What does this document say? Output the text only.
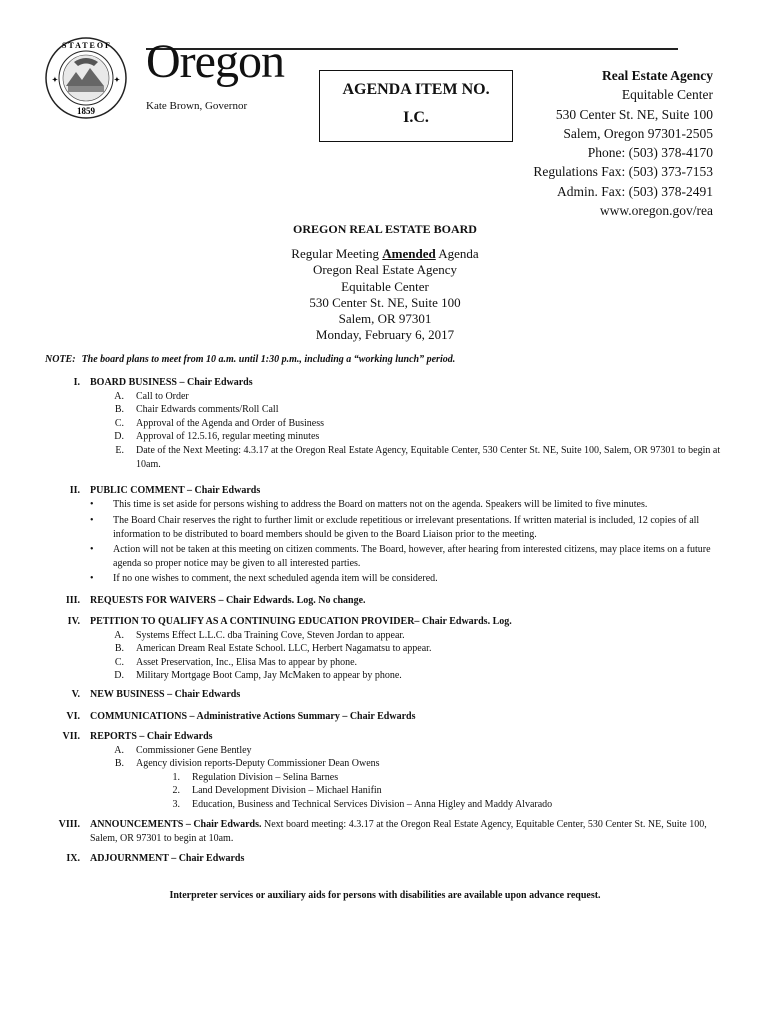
S T A T E O F
1859
✦	✦ Oregon
Kate Brown, Governor
AGENDA ITEM NO.
I.C.
Real Estate Agency
Equitable Center
530 Center St. NE, Suite 100
Salem, Oregon 97301-2505
Phone: (503) 378-4170
Regulations Fax: (503) 373-7153
Admin. Fax: (503) 378-2491
www.oregon.gov/rea
OREGON REAL ESTATE BOARD
Regular Meeting Amended Agenda
Oregon Real Estate Agency
Equitable Center
530 Center St. NE, Suite 100
Salem, OR 97301
Monday, February 6, 2017
NOTE: The board plans to meet from 10 a.m. until 1:30 p.m., including a “working lunch” period.
I. BOARD BUSINESS – Chair Edwards
A. Call to Order
B. Chair Edwards comments/Roll Call
C. Approval of the Agenda and Order of Business
D. Approval of 12.5.16, regular meeting minutes
E. Date of the Next Meeting: 4.3.17 at the Oregon Real Estate Agency, Equitable Center, 530 Center St. NE, Suite 100, Salem, OR 97301 to begin at 10am.
II. PUBLIC COMMENT – Chair Edwards
• This time is set aside for persons wishing to address the Board on matters not on the agenda. Speakers will be limited to five minutes.
• The Board Chair reserves the right to further limit or exclude repetitious or irrelevant presentations. If written material is included, 12 copies of all information to be distributed to board members should be given to the Board Liaison prior to the meeting.
• Action will not be taken at this meeting on citizen comments. The Board, however, after hearing from interested citizens, may place items on a future agenda so proper notice may be given to all interested parties.
• If no one wishes to comment, the next scheduled agenda item will be considered.
III. REQUESTS FOR WAIVERS – Chair Edwards. Log. No change.
IV. PETITION TO QUALIFY AS A CONTINUING EDUCATION PROVIDER– Chair Edwards. Log.
A. Systems Effect L.L.C. dba Training Cove, Steven Jordan to appear.
B. American Dream Real Estate School. LLC, Herbert Nagamatsu to appear.
C. Asset Preservation, Inc., Elisa Mas to appear by phone.
D. Military Mortgage Boot Camp, Jay McMaken to appear by phone.
V. NEW BUSINESS – Chair Edwards
VI. COMMUNICATIONS – Administrative Actions Summary – Chair Edwards
VII. REPORTS – Chair Edwards
A. Commissioner Gene Bentley
B. Agency division reports-Deputy Commissioner Dean Owens
1. Regulation Division – Selina Barnes
2. Land Development Division – Michael Hanifin
3. Education, Business and Technical Services Division – Anna Higley and Maddy Alvarado
VIII. ANNOUNCEMENTS – Chair Edwards. Next board meeting: 4.3.17 at the Oregon Real Estate Agency, Equitable Center, 530 Center St. NE, Suite 100, Salem, OR 97301 to begin at 10am.
IX. ADJOURNMENT – Chair Edwards
Interpreter services or auxiliary aids for persons with disabilities are available upon advance request.
